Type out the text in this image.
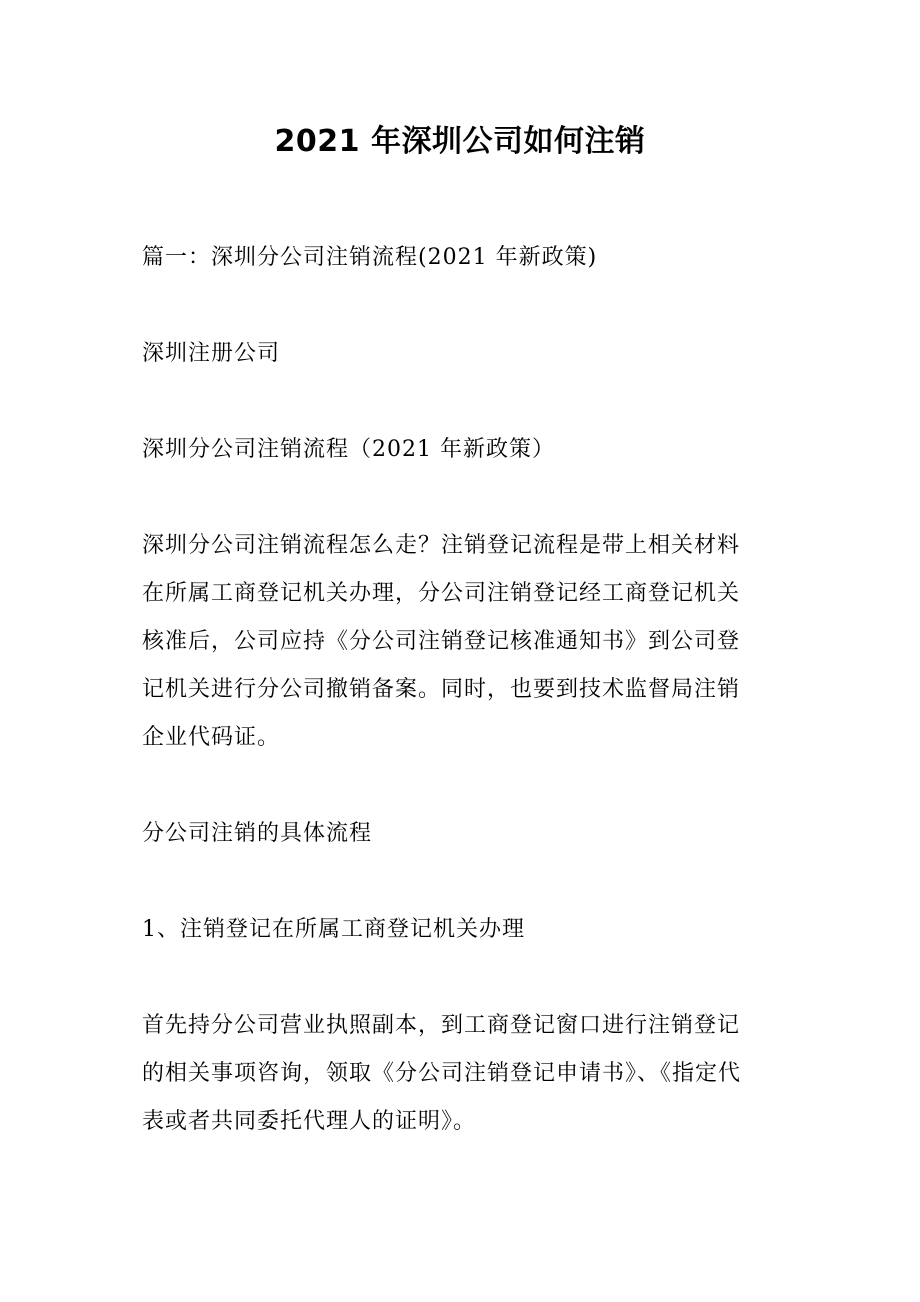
2021 年深圳公司如何注销

篇一：深圳分公司注销流程(2021 年新政策)

深圳注册公司

深圳分公司注销流程（2021 年新政策）

深圳分公司注销流程怎么走？注销登记流程是带上相关材料在所属工商登记机关办理，分公司注销登记经工商登记机关核准后，公司应持《分公司注销登记核准通知书》到公司登记机关进行分公司撤销备案。同时，也要到技术监督局注销企业代码证。

分公司注销的具体流程

1、注销登记在所属工商登记机关办理

首先持分公司营业执照副本，到工商登记窗口进行注销登记的相关事项咨询，领取《分公司注销登记申请书》、《指定代表或者共同委托代理人的证明》。
